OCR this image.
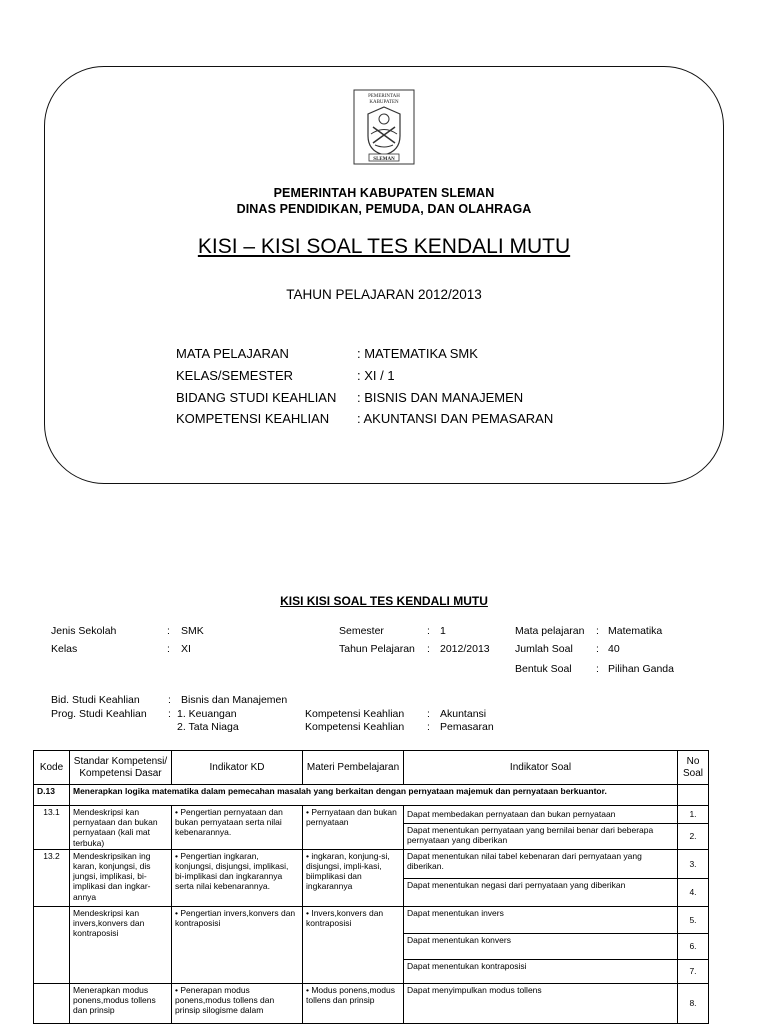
PEMERINTAH
KABUPATEN
SLEMAN
PEMERINTAH KABUPATEN SLEMAN
DINAS PENDIDIKAN, PEMUDA, DAN OLAHRAGA
KISI – KISI SOAL TES KENDALI MUTU
TAHUN PELAJARAN 2012/2013
MATA PELAJARAN	: MATEMATIKA SMK
KELAS/SEMESTER	: XI / 1
BIDANG STUDI KEAHLIAN : BISNIS DAN MANAJEMEN
KOMPETENSI KEAHLIAN : AKUNTANSI DAN PEMASARAN
KISI KISI SOAL TES KENDALI MUTU
Jenis Sekolah	: SMK
Kelas	: XI
Semester	: 1
Tahun Pelajaran : 2012/2013
Mata pelajaran : Matematika
Jumlah Soal : 40
Bentuk Soal : Pilihan Ganda
Bid. Studi Keahlian	: Bisnis dan Manajemen
Prog. Studi Keahlian : 1. Keuangan
2. Tata Niaga
Kompetensi Keahlian : Akuntansi
Kompetensi Keahlian : Pemasaran
Kode	Standar Kompetensi/ Kompetensi Dasar	Indikator KD	Materi Pembelajaran	Indikator Soal	No Soal
D.13	Menerapkan logika matematika dalam pemecahan masalah yang berkaitan dengan pernyataan majemuk dan pernyataan berkuantor.				
13.1	Mendeskripsi kan pernyataan dan bukan pernyataan (kali mat terbuka)	• Pengertian pernyataan dan bukan pernyataan serta nilai kebenarannya.	• Pernyataan dan bukan pernyataan	Dapat membedakan pernyataan dan bukan pernyataan	1.
				Dapat menentukan pernyataan yang bernilai benar dari beberapa pernyataan yang diberikan	2.
13.2	Mendeskripsikan ing karan, konjungsi, dis jungsi, implikasi, bi-implikasi dan ingkar-annya	• Pengertian ingkaran, konjungsi, disjungsi, implikasi, bi-implikasi dan ingkarannya serta nilai kebenarannya.	• ingkaran, konjung-si, disjungsi, impli-kasi, biimplikasi dan ingkarannya	Dapat menentukan nilai tabel kebenaran dari pernyataan yang diberikan.	3.
				Dapat menentukan negasi dari pernyataan yang diberikan	4.
	Mendeskripsi kan invers,konvers dan kontraposisi	• Pengertian invers,konvers dan kontraposisi	• Invers,konvers dan kontraposisi	Dapat menentukan invers	5.
				Dapat menentukan konvers	6.
				Dapat menentukan kontraposisi	7.
	Menerapkan modus ponens,modus tollens dan prinsip	• Penerapan modus ponens,modus tollens dan prinsip silogisme dalam	• Modus ponens,modus tollens dan prinsip	Dapat menyimpulkan modus tollens	8.
